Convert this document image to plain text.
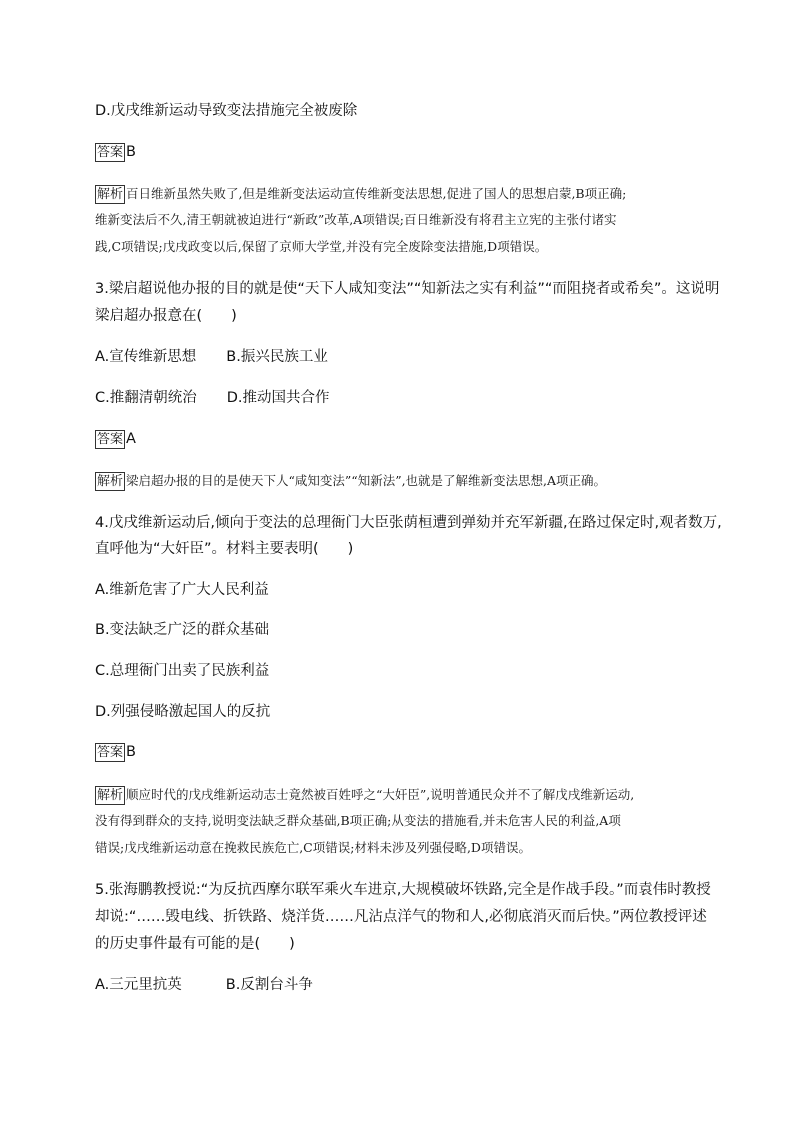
D.戊戌维新运动导致变法措施完全被废除
答案 B
解析 百日维新虽然失败了,但是维新变法运动宣传维新变法思想,促进了国人的思想启蒙,B项正确;
维新变法后不久,清王朝就被迫进行“新政”改革,A项错误;百日维新没有将君主立宪的主张付诸实
践,C项错误;戊戌政变以后,保留了京师大学堂,并没有完全废除变法措施,D项错误。
3.梁启超说他办报的目的就是使“天下人咸知变法”“知新法之实有利益”“而阻挠者或希矣”。这说明
梁启超办报意在(　　)
A.宣传维新思想 B.振兴民族工业
C.推翻清朝统治 D.推动国共合作
答案 A
解析 梁启超办报的目的是使天下人“咸知变法”“知新法”,也就是了解维新变法思想,A项正确。
4.戊戌维新运动后,倾向于变法的总理衙门大臣张荫桓遭到弹劾并充军新疆,在路过保定时,观者数万,
直呼他为“大奸臣”。材料主要表明(　　)
A.维新危害了广大人民利益
B.变法缺乏广泛的群众基础
C.总理衙门出卖了民族利益
D.列强侵略激起国人的反抗
答案 B
解析 顺应时代的戊戌维新运动志士竟然被百姓呼之“大奸臣”,说明普通民众并不了解戊戌维新运动,
没有得到群众的支持,说明变法缺乏群众基础,B项正确;从变法的措施看,并未危害人民的利益,A项
错误;戊戌维新运动意在挽救民族危亡,C项错误;材料未涉及列强侵略,D项错误。
5.张海鹏教授说:“为反抗西摩尔联军乘火车进京,大规模破坏铁路,完全是作战手段。”而袁伟时教授
却说:“……毁电线、折铁路、烧洋货……凡沾点洋气的物和人,必彻底消灭而后快。”两位教授评述
的历史事件最有可能的是(　　)
A.三元里抗英	B.反割台斗争
